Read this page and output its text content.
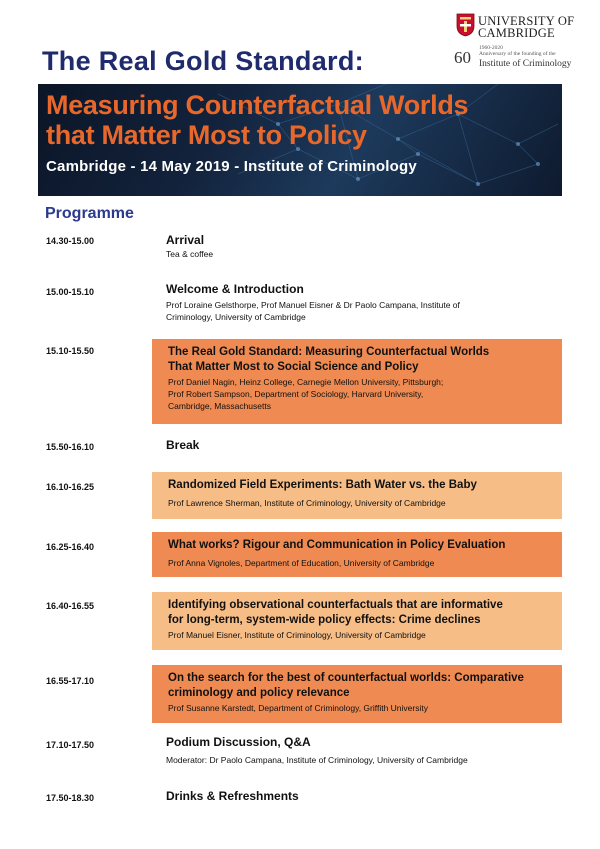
UNIVERSITY OF
CAMBRIDGE
60 1960-2020
Anniversary of the founding of the
Institute of Criminology
The Real Gold Standard:
Measuring Counterfactual Worlds
that Matter Most to Policy
Cambridge - 14 May 2019 - Institute of Criminology
Programme
14.30-15.00	Arrival
Tea & coffee
15.00-15.10	Welcome & Introduction
Prof Loraine Gelsthorpe, Prof Manuel Eisner & Dr Paolo Campana, Institute of
Criminology, University of Cambridge
15.10-15.50	The Real Gold Standard: Measuring Counterfactual Worlds
That Matter Most to Social Science and Policy
Prof Daniel Nagin, Heinz College, Carnegie Mellon University, Pittsburgh;
Prof Robert Sampson, Department of Sociology, Harvard University,
Cambridge, Massachusetts
15.50-16.10	Break
16.10-16.25	Randomized Field Experiments: Bath Water vs. the Baby
Prof Lawrence Sherman, Institute of Criminology, University of Cambridge
16.25-16.40	What works? Rigour and Communication in Policy Evaluation
Prof Anna Vignoles, Department of Education, University of Cambridge
16.40-16.55	Identifying observational counterfactuals that are informative
for long-term, system-wide policy effects: Crime declines
Prof Manuel Eisner, Institute of Criminology, University of Cambridge
16.55-17.10	On the search for the best of counterfactual worlds: Comparative
criminology and policy relevance
Prof Susanne Karstedt, Department of Criminology, Griffith University
17.10-17.50	Podium Discussion, Q&A
Moderator: Dr Paolo Campana, Institute of Criminology, University of Cambridge
17.50-18.30	Drinks & Refreshments
